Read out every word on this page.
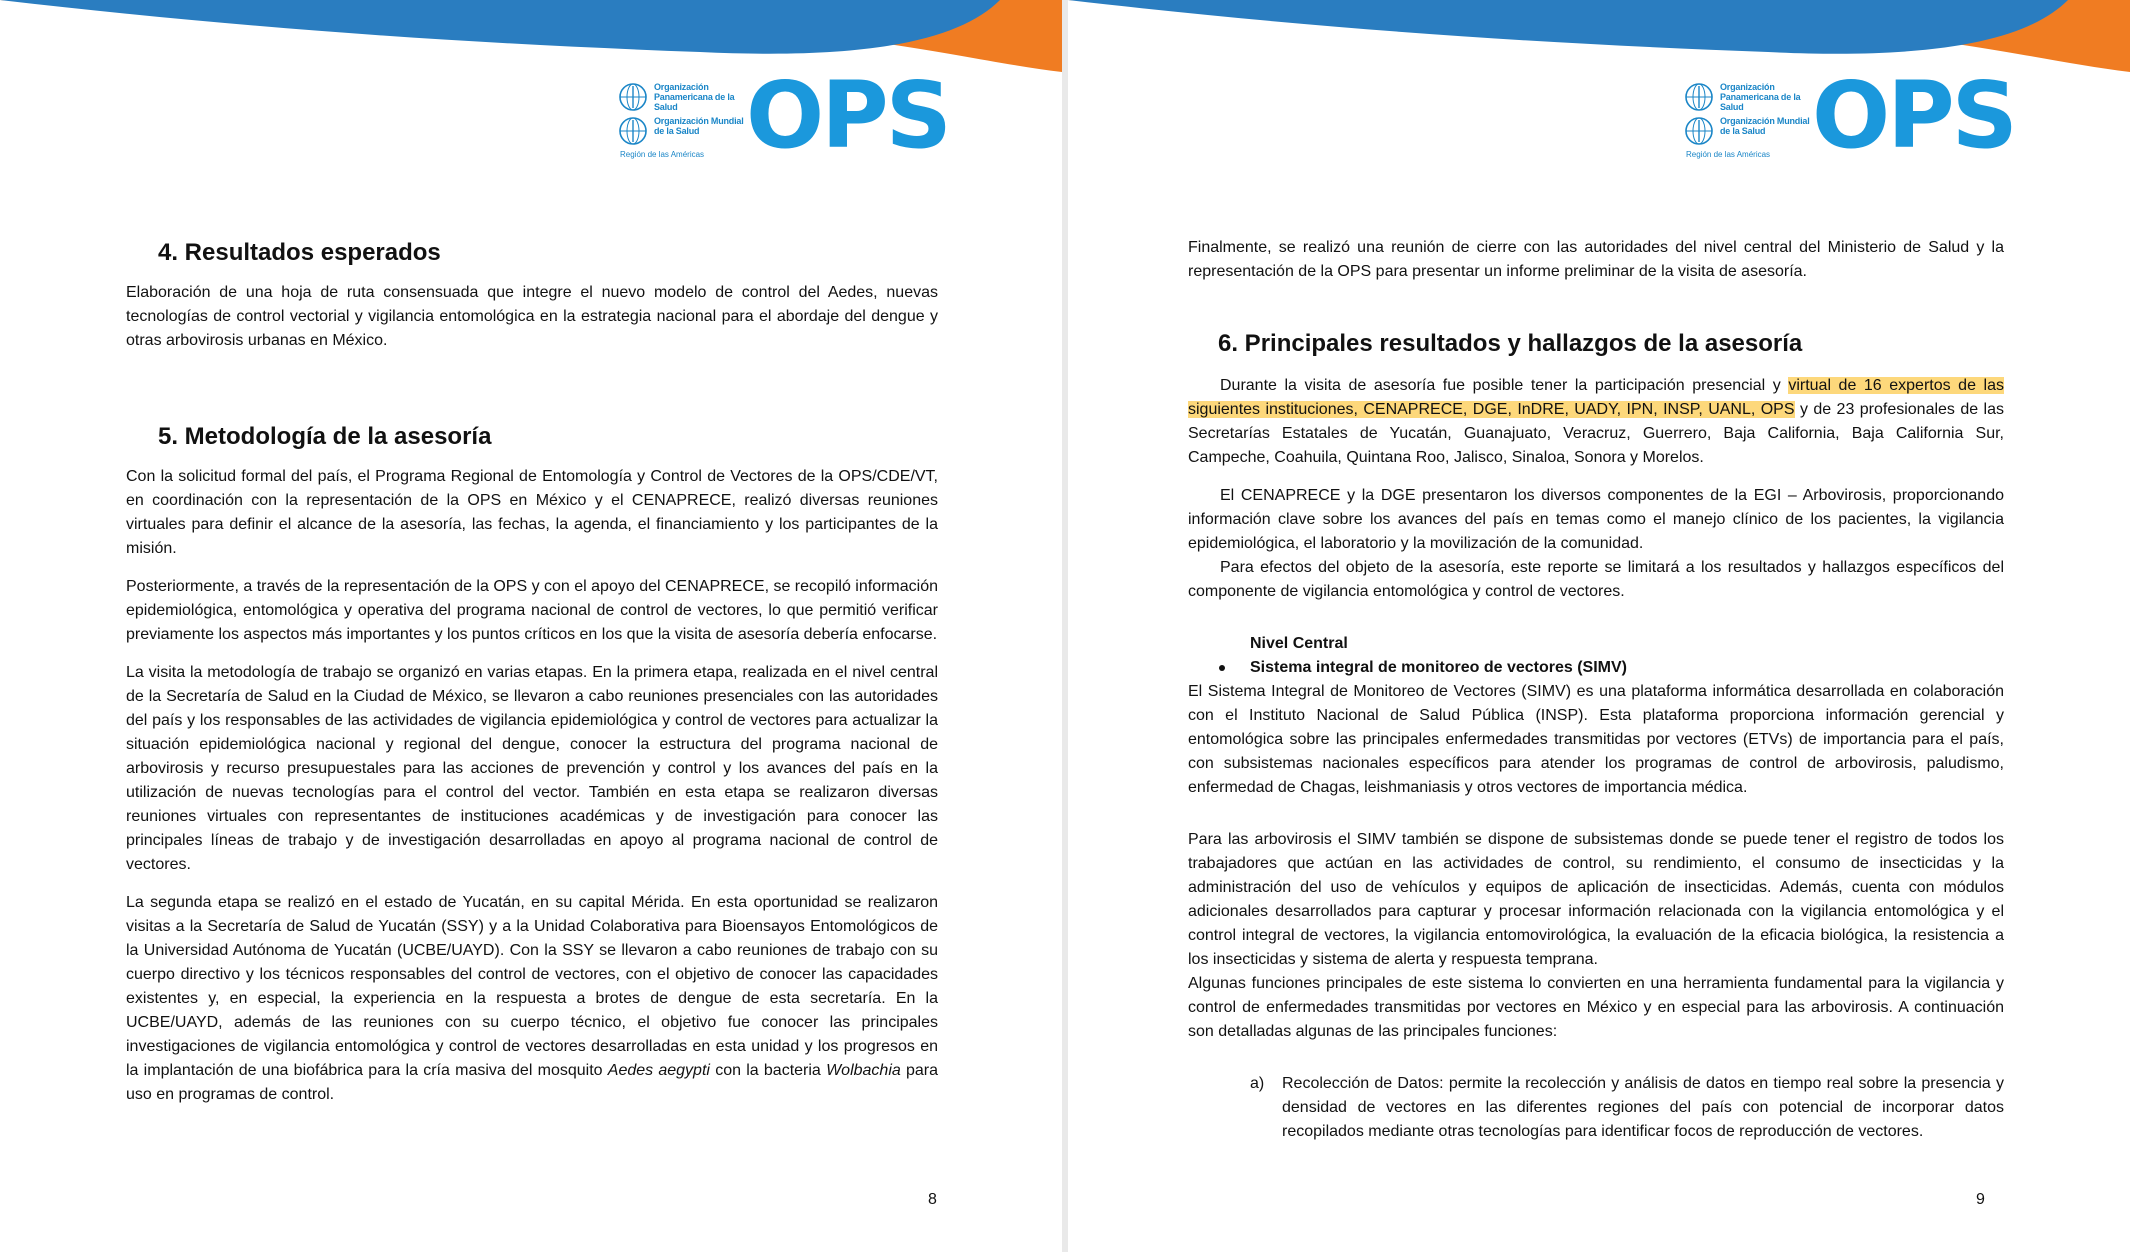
Organización Panamericana de la Salud
Organización Mundial de la Salud
Región de las Américas OPS
4. Resultados esperados

Elaboración de una hoja de ruta consensuada que integre el nuevo modelo de control del Aedes, nuevas tecnologías de control vectorial y vigilancia entomológica en la estrategia nacional para el abordaje del dengue y otras arbovirosis urbanas en México.

5. Metodología de la asesoría

Con la solicitud formal del país, el Programa Regional de Entomología y Control de Vectores de la OPS/CDE/VT, en coordinación con la representación de la OPS en México y el CENAPRECE, realizó diversas reuniones virtuales para definir el alcance de la asesoría, las fechas, la agenda, el financiamiento y los participantes de la misión.

Posteriormente, a través de la representación de la OPS y con el apoyo del CENAPRECE, se recopiló información epidemiológica, entomológica y operativa del programa nacional de control de vectores, lo que permitió verificar previamente los aspectos más importantes y los puntos críticos en los que la visita de asesoría debería enfocarse.

La visita la metodología de trabajo se organizó en varias etapas. En la primera etapa, realizada en el nivel central de la Secretaría de Salud en la Ciudad de México, se llevaron a cabo reuniones presenciales con las autoridades del país y los responsables de las actividades de vigilancia epidemiológica y control de vectores para actualizar la situación epidemiológica nacional y regional del dengue, conocer la estructura del programa nacional de arbovirosis y recurso presupuestales para las acciones de prevención y control y los avances del país en la utilización de nuevas tecnologías para el control del vector. También en esta etapa se realizaron diversas reuniones virtuales con representantes de instituciones académicas y de investigación para conocer las principales líneas de trabajo y de investigación desarrolladas en apoyo al programa nacional de control de vectores.

La segunda etapa se realizó en el estado de Yucatán, en su capital Mérida. En esta oportunidad se realizaron visitas a la Secretaría de Salud de Yucatán (SSY) y a la Unidad Colaborativa para Bioensayos Entomológicos de la Universidad Autónoma de Yucatán (UCBE/UAYD). Con la SSY se llevaron a cabo reuniones de trabajo con su cuerpo directivo y los técnicos responsables del control de vectores, con el objetivo de conocer las capacidades existentes y, en especial, la experiencia en la respuesta a brotes de dengue de esta secretaría. En la UCBE/UAYD, además de las reuniones con su cuerpo técnico, el objetivo fue conocer las principales investigaciones de vigilancia entomológica y control de vectores desarrolladas en esta unidad y los progresos en la implantación de una biofábrica para la cría masiva del mosquito Aedes aegypti con la bacteria Wolbachia para uso en programas de control.

8
Organización Panamericana de la Salud
Organización Mundial de la Salud
Región de las Américas OPS

Finalmente, se realizó una reunión de cierre con las autoridades del nivel central del Ministerio de Salud y la representación de la OPS para presentar un informe preliminar de la visita de asesoría.

6. Principales resultados y hallazgos de la asesoría

Durante la visita de asesoría fue posible tener la participación presencial y virtual de 16 expertos de las siguientes instituciones, CENAPRECE, DGE, InDRE, UADY, IPN, INSP, UANL, OPS y de 23 profesionales de las Secretarías Estatales de Yucatán, Guanajuato, Veracruz, Guerrero, Baja California, Baja California Sur, Campeche, Coahuila, Quintana Roo, Jalisco, Sinaloa, Sonora y Morelos.

El CENAPRECE y la DGE presentaron los diversos componentes de la EGI – Arbovirosis, proporcionando información clave sobre los avances del país en temas como el manejo clínico de los pacientes, la vigilancia epidemiológica, el laboratorio y la movilización de la comunidad.

Para efectos del objeto de la asesoría, este reporte se limitará a los resultados y hallazgos específicos del componente de vigilancia entomológica y control de vectores.

Nivel Central
Sistema integral de monitoreo de vectores (SIMV)

El Sistema Integral de Monitoreo de Vectores (SIMV) es una plataforma informática desarrollada en colaboración con el Instituto Nacional de Salud Pública (INSP). Esta plataforma proporciona información gerencial y entomológica sobre las principales enfermedades transmitidas por vectores (ETVs) de importancia para el país, con subsistemas nacionales específicos para atender los programas de control de arbovirosis, paludismo, enfermedad de Chagas, leishmaniasis y otros vectores de importancia médica.

Para las arbovirosis el SIMV también se dispone de subsistemas donde se puede tener el registro de todos los trabajadores que actúan en las actividades de control, su rendimiento, el consumo de insecticidas y la administración del uso de vehículos y equipos de aplicación de insecticidas. Además, cuenta con módulos adicionales desarrollados para capturar y procesar información relacionada con la vigilancia entomológica y el control integral de vectores, la vigilancia entomovirológica, la evaluación de la eficacia biológica, la resistencia a los insecticidas y sistema de alerta y respuesta temprana.

Algunas funciones principales de este sistema lo convierten en una herramienta fundamental para la vigilancia y control de enfermedades transmitidas por vectores en México y en especial para las arbovirosis. A continuación son detalladas algunas de las principales funciones:

a) Recolección de Datos: permite la recolección y análisis de datos en tiempo real sobre la presencia y densidad de vectores en las diferentes regiones del país con potencial de incorporar datos recopilados mediante otras tecnologías para identificar focos de reproducción de vectores.

9
